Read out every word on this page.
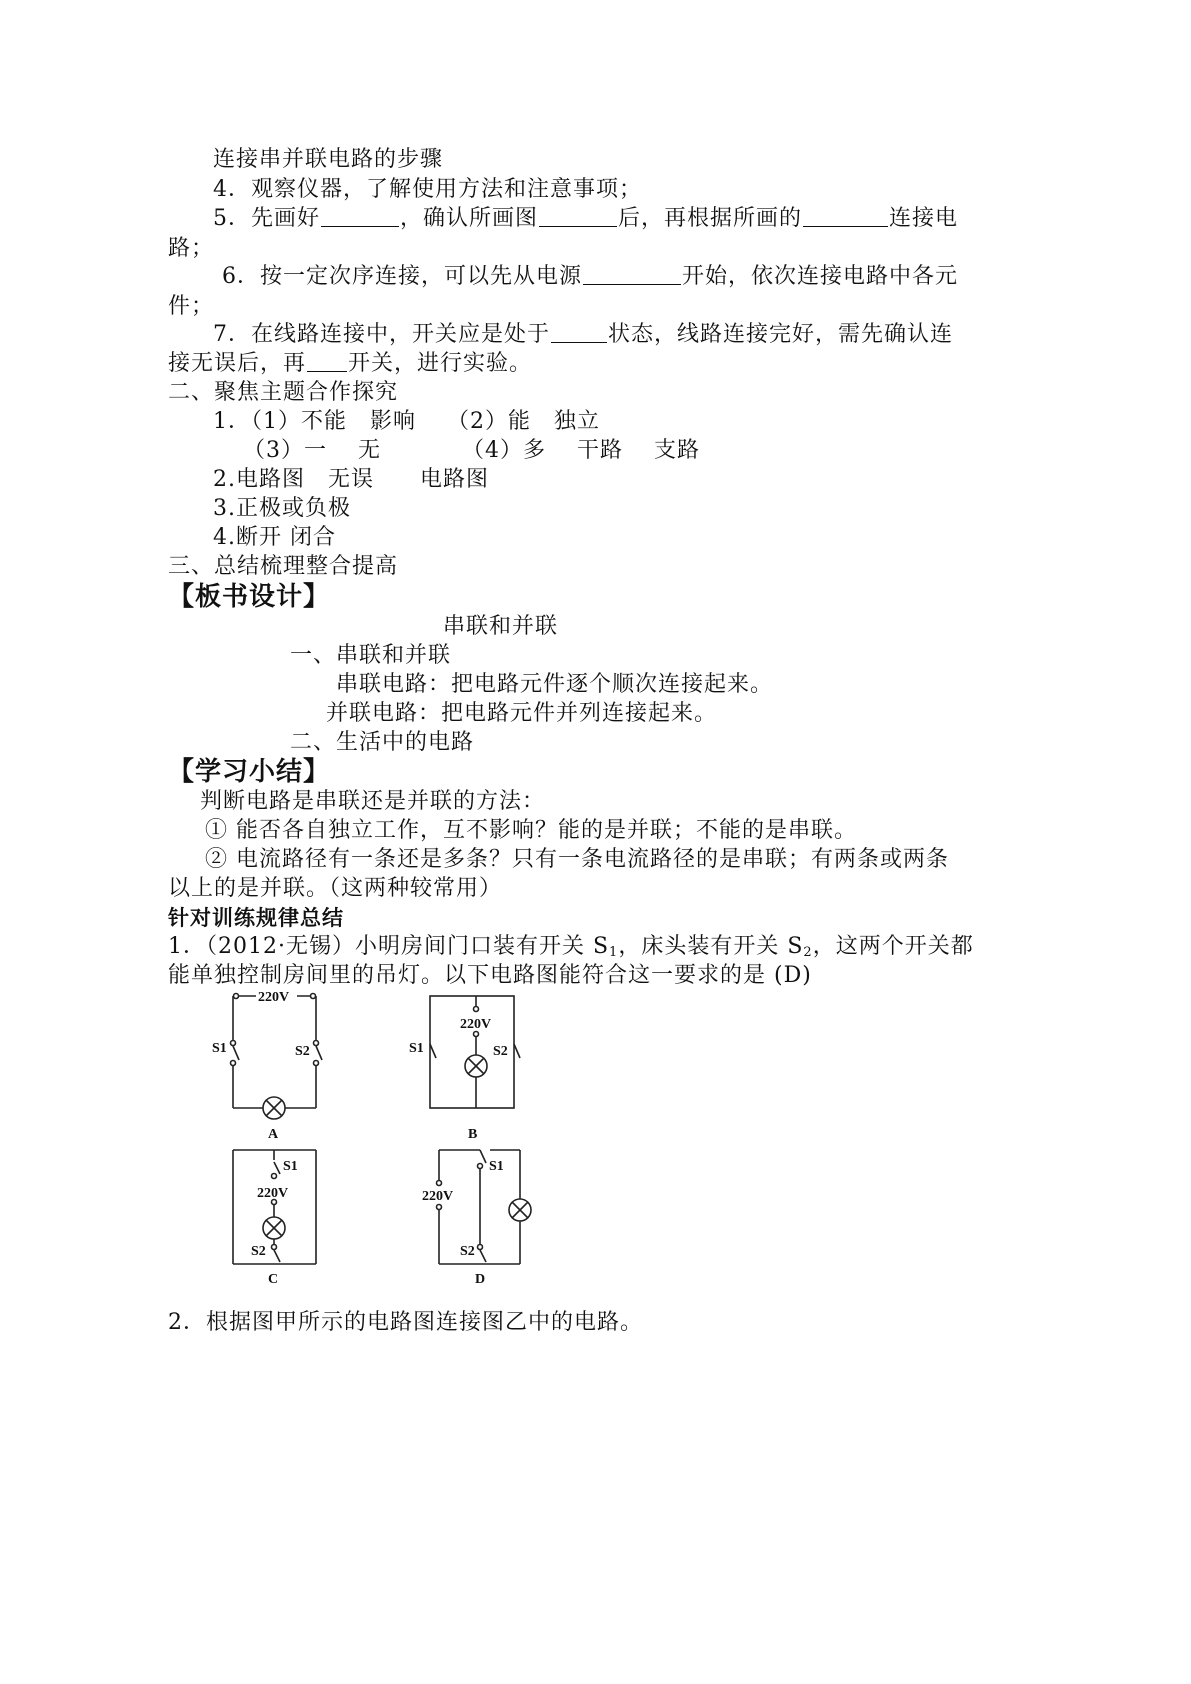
连接串并联电路的步骤
4．观察仪器，了解使用方法和注意事项；
5．先画好	，确认所画图	后，再根据所画的	连接电
路；
6．按一定次序连接，可以先从电源	开始，依次连接电路中各元
件；
7．在线路连接中，开关应是处于	状态，线路连接完好，需先确认连
接无误后，再 开关，进行实验。
二、聚焦主题合作探究
1．（1）不能　影响　 （2）能　独立
（3）一　 无　　　　（4）多　 干路　 支路
2.电路图　无误　　电路图
3.正极或负极
4.断开 闭合
三、总结梳理整合提高
【板书设计】
串联和并联
一、串联和并联
串联电路：把电路元件逐个顺次连接起来。
并联电路：把电路元件并列连接起来。
二、生活中的电路
【学习小结】
判断电路是串联还是并联的方法：
① 能否各自独立工作，互不影响？能的是并联；不能的是串联。
② 电流路径有一条还是多条？只有一条电流路径的是串联；有两条或两条
以上的是并联。（这两种较常用）
针对训练规律总结
1．（2012·无锡）小明房间门口装有开关 $S_1$，床头装有开关 $S_2$，这两个开关都
能单独控制房间里的吊灯。以下电路图能符合这一要求的是 (D)
220V
S1	S2
A
220V
S1	S2
B
S1
220V
S2
C
S1
220V
S2
D
2．根据图甲所示的电路图连接图乙中的电路。
